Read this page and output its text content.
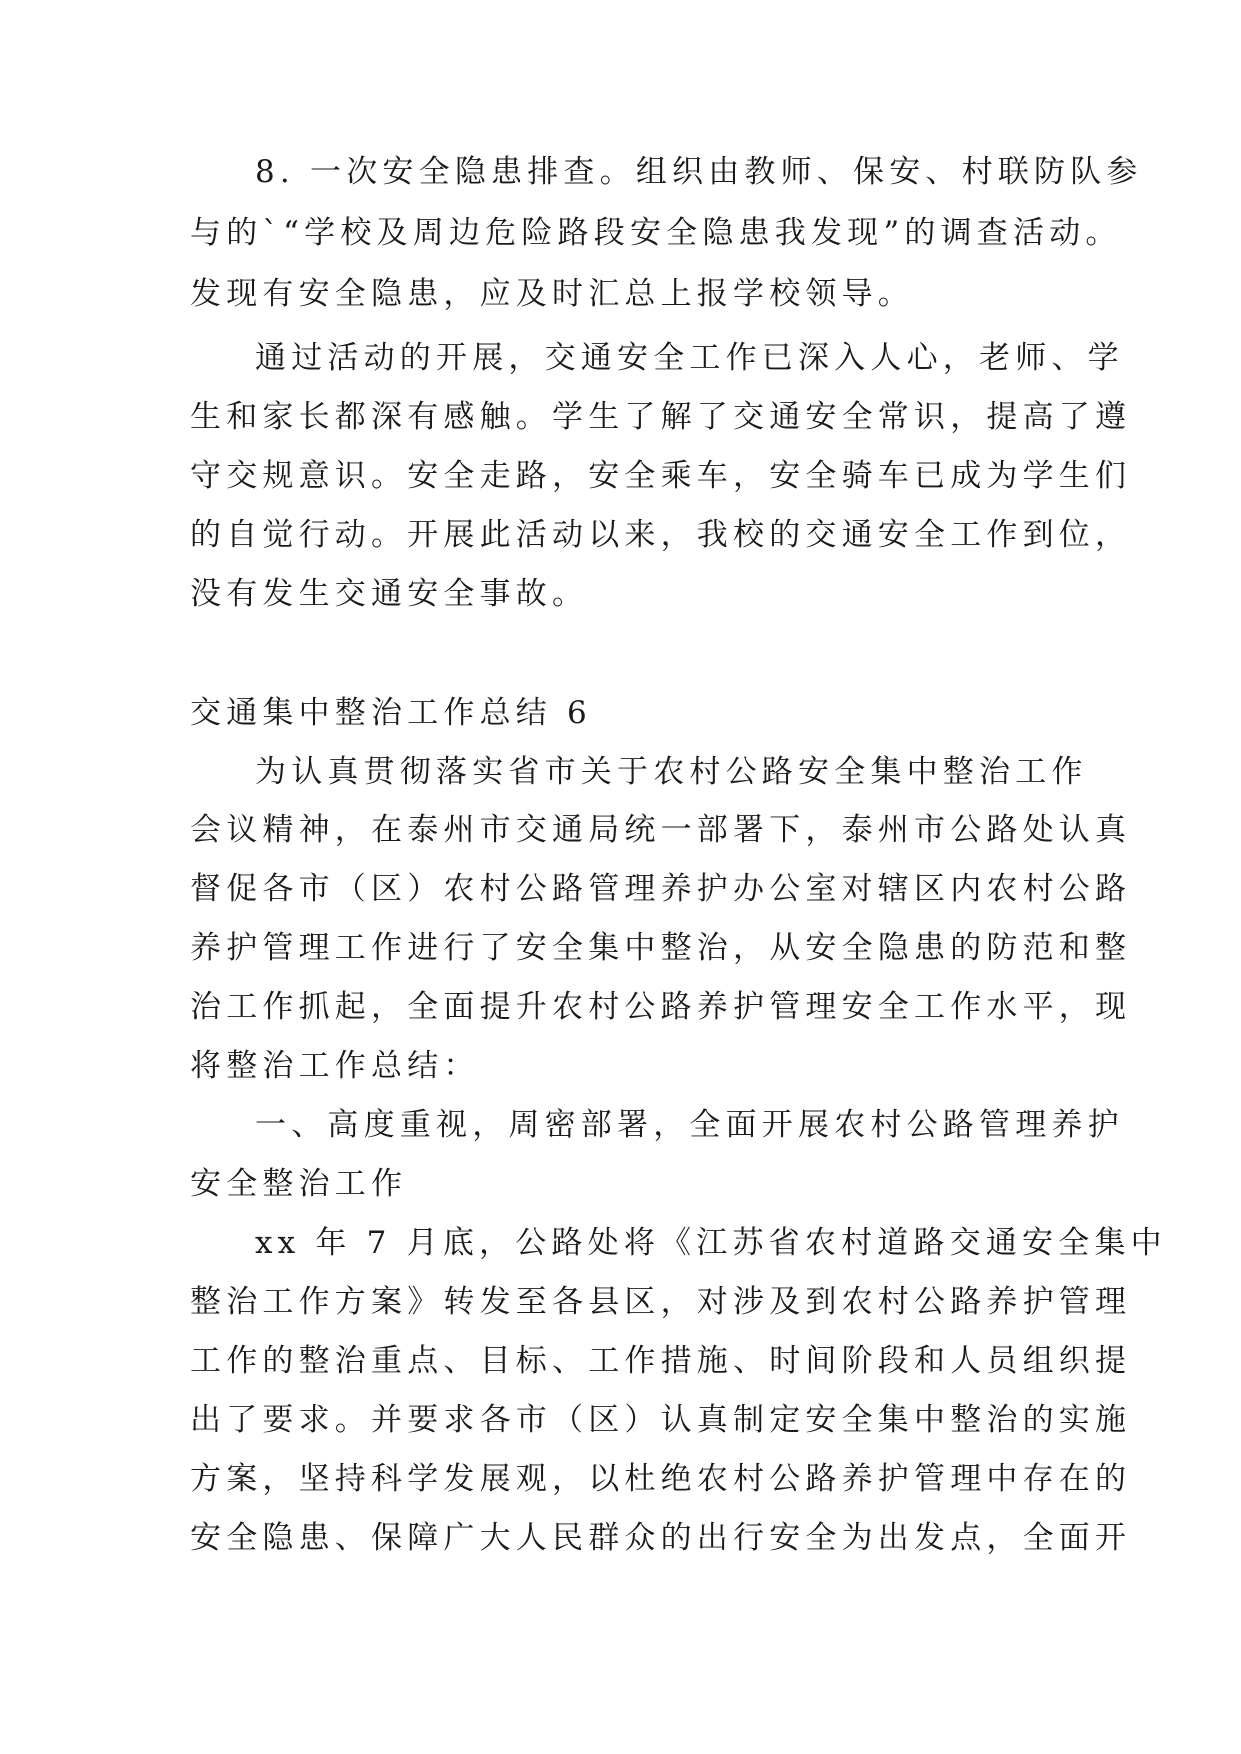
8. 一次安全隐患排查。组织由教师、保安、村联防队参
与的`“学校及周边危险路段安全隐患我发现”的调查活动。
发现有安全隐患，应及时汇总上报学校领导。
通过活动的开展，交通安全工作已深入人心，老师、学
生和家长都深有感触。学生了解了交通安全常识，提高了遵
守交规意识。安全走路，安全乘车，安全骑车已成为学生们
的自觉行动。开展此活动以来，我校的交通安全工作到位，
没有发生交通安全事故。
交通集中整治工作总结 6
为认真贯彻落实省市关于农村公路安全集中整治工作
会议精神，在泰州市交通局统一部署下，泰州市公路处认真
督促各市（区）农村公路管理养护办公室对辖区内农村公路
养护管理工作进行了安全集中整治，从安全隐患的防范和整
治工作抓起，全面提升农村公路养护管理安全工作水平，现
将整治工作总结：
一、高度重视，周密部署，全面开展农村公路管理养护
安全整治工作
xx 年 7 月底，公路处将《江苏省农村道路交通安全集中
整治工作方案》转发至各县区，对涉及到农村公路养护管理
工作的整治重点、目标、工作措施、时间阶段和人员组织提
出了要求。并要求各市（区）认真制定安全集中整治的实施
方案，坚持科学发展观，以杜绝农村公路养护管理中存在的
安全隐患、保障广大人民群众的出行安全为出发点，全面开
